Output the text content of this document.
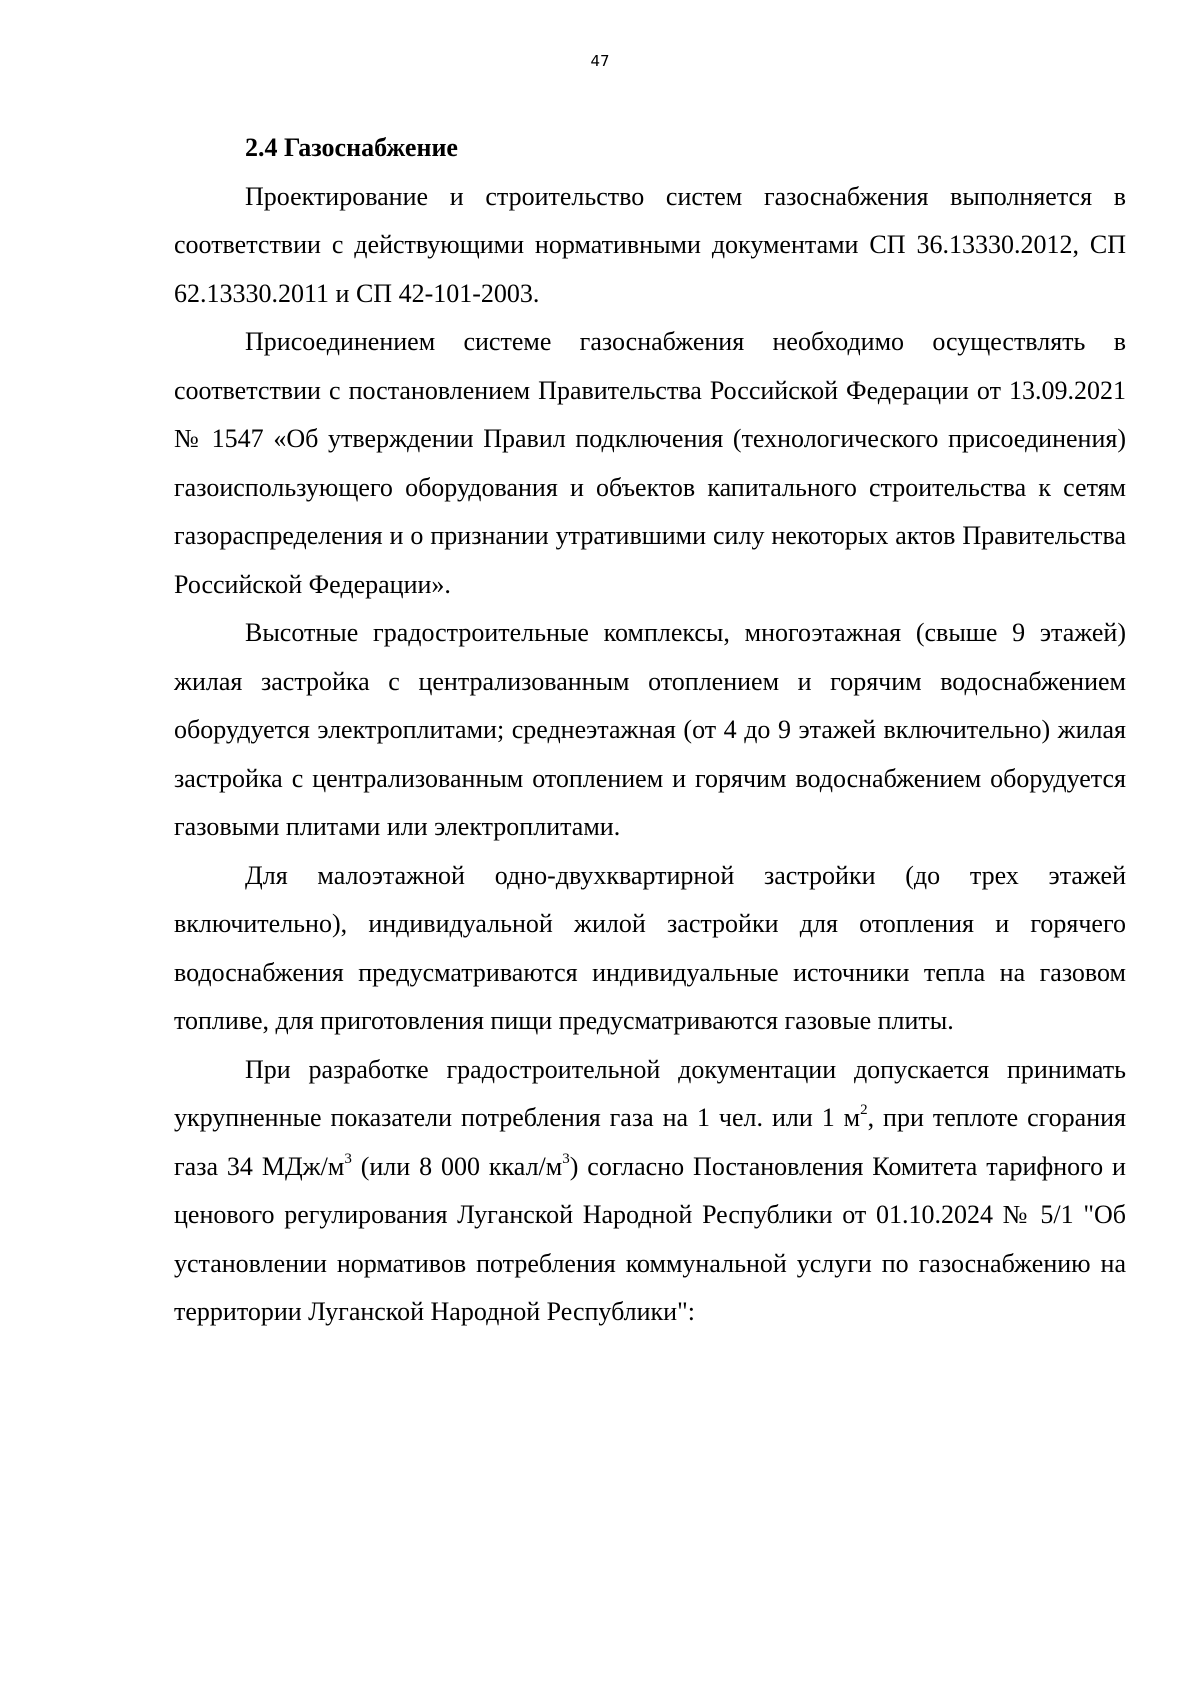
47
2.4 Газоснабжение

Проектирование и строительство систем газоснабжения выполняется в соответствии с действующими нормативными документами СП 36.13330.2012, СП 62.13330.2011 и СП 42-101-2003.

Присоединением системе газоснабжения необходимо осуществлять в соответствии с постановлением Правительства Российской Федерации от 13.09.2021 № 1547 «Об утверждении Правил подключения (технологического присоединения) газоиспользующего оборудования и объектов капитального строительства к сетям газораспределения и о признании утратившими силу некоторых актов Правительства Российской Федерации».

Высотные градостроительные комплексы, многоэтажная (свыше 9 этажей) жилая застройка с централизованным отоплением и горячим водоснабжением оборудуется электроплитами; среднеэтажная (от 4 до 9 этажей включительно) жилая застройка с централизованным отоплением и горячим водоснабжением оборудуется газовыми плитами или электроплитами.

Для малоэтажной одно-двухквартирной застройки (до трех этажей включительно), индивидуальной жилой застройки для отопления и горячего водоснабжения предусматриваются индивидуальные источники тепла на газовом топливе, для приготовления пищи предусматриваются газовые плиты.

При разработке градостроительной документации допускается принимать укрупненные показатели потребления газа на 1 чел. или 1 $м^2$, при теплоте сгорания газа 34 МДж/$м^3$ (или 8 000 ккал/$м^3$) согласно Постановления Комитета тарифного и ценового регулирования Луганской Народной Республики от 01.10.2024 № 5/1 "Об установлении нормативов потребления коммунальной услуги по газоснабжению на территории Луганской Народной Республики":
